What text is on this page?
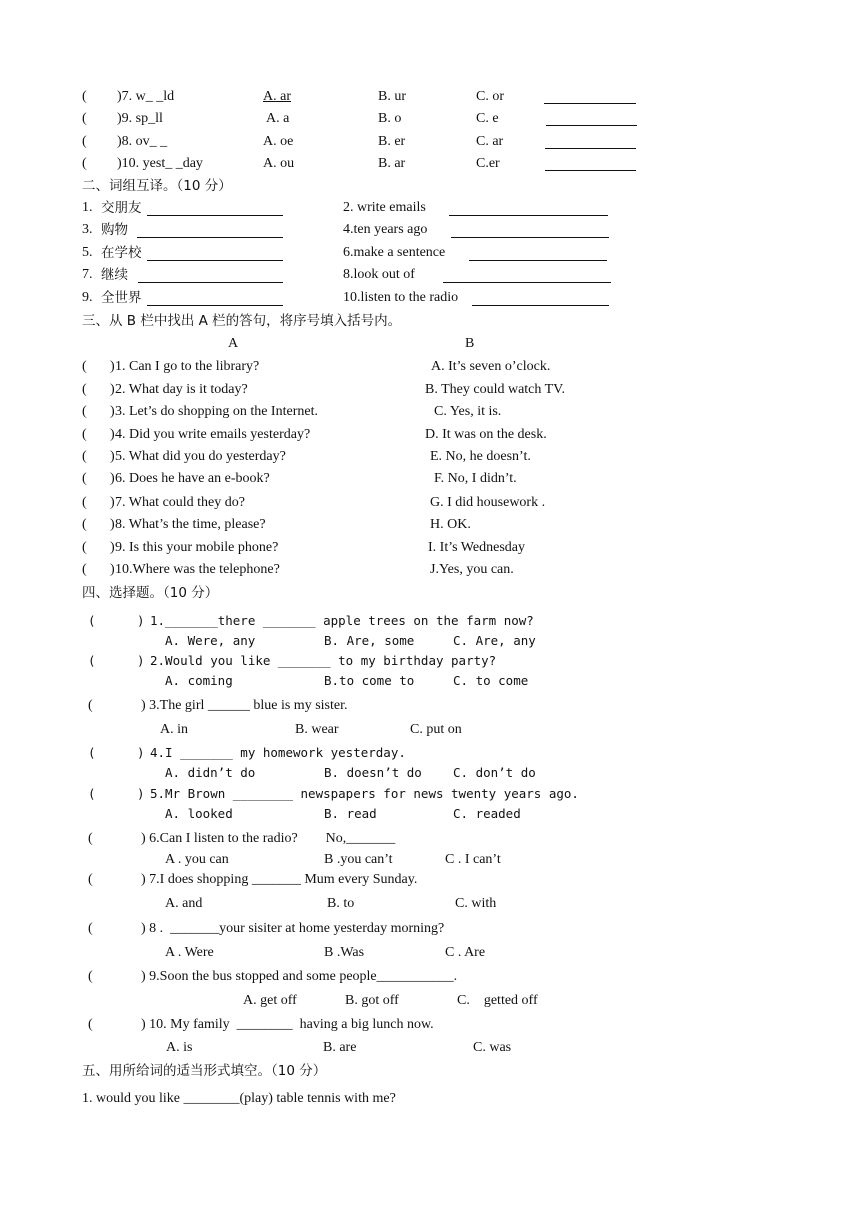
( )7. w_ _ld	A. ar	B. ur	C. or
( )9. sp_ll	A. a	B. o	C. e
( )8. ov_ _	A. oe	B. er	C. ar
( )10. yest_ _day	A. ou	B. ar	C.er
二、词组互译。（10 分）
1. 交朋友	2. write emails
3. 购物	4.ten years ago
5. 在学校	6.make a sentence
7. 继续	8.look out of
9. 全世界	10.listen to the radio
三、从 B 栏中找出 A 栏的答句，将序号填入括号内。
A	B
( ) 1. Can I go to the library?	A. It’s seven o’clock.
( ) 2. What day is it today?	B. They could watch TV.
( ) 3. Let’s do shopping on the Internet.	C. Yes, it is.
( ) 4. Did you write emails yesterday?	D. It was on the desk.
( ) 5. What did you do yesterday?	E. No, he doesn’t.
( ) 6. Does he have an e-book?	F. No, I didn’t.
( ) 7. What could they do?	G. I did housework .
( ) 8. What’s the time, please?	H. OK.
( ) 9. Is this your mobile phone?	I. It’s Wednesday
( ) 10.Where was the telephone?	J.Yes, you can.
四、选择题。（10 分）
(	) 1._______there _______ apple trees on the farm now?
A. Were, any	B. Are, some	C. Are, any
(	) 2.Would you like _______ to my birthday party?
A. coming	B.to come to	C. to come
(	) 3.The girl ______ blue is my sister.
A. in	B. wear	C. put on
(	) 4.I _______ my homework yesterday.
A. didn’t do	B. doesn’t do C. don’t do
(	) 5.Mr Brown ________ newspapers for news twenty years ago.
A. looked	B. read	C. readed
(	) 6.Can I listen to the radio?        No,_______
A . you can	B .you can’t	C . I can’t
(	) 7.I does shopping _______ Mum every Sunday.
A. and	B. to	C. with
(	) 8 .  _______your sisiter at home yesterday morning?
A . Were	B .Was	C . Are
(	) 9.Soon the bus stopped and some people___________.
A. get off	B. got off	C.    getted off
(	) 10. My family  ________  having a big lunch now.
A. is	B. are	C. was
五、用所给词的适当形式填空。（10 分）
1. would you like ________(play) table tennis with me?
